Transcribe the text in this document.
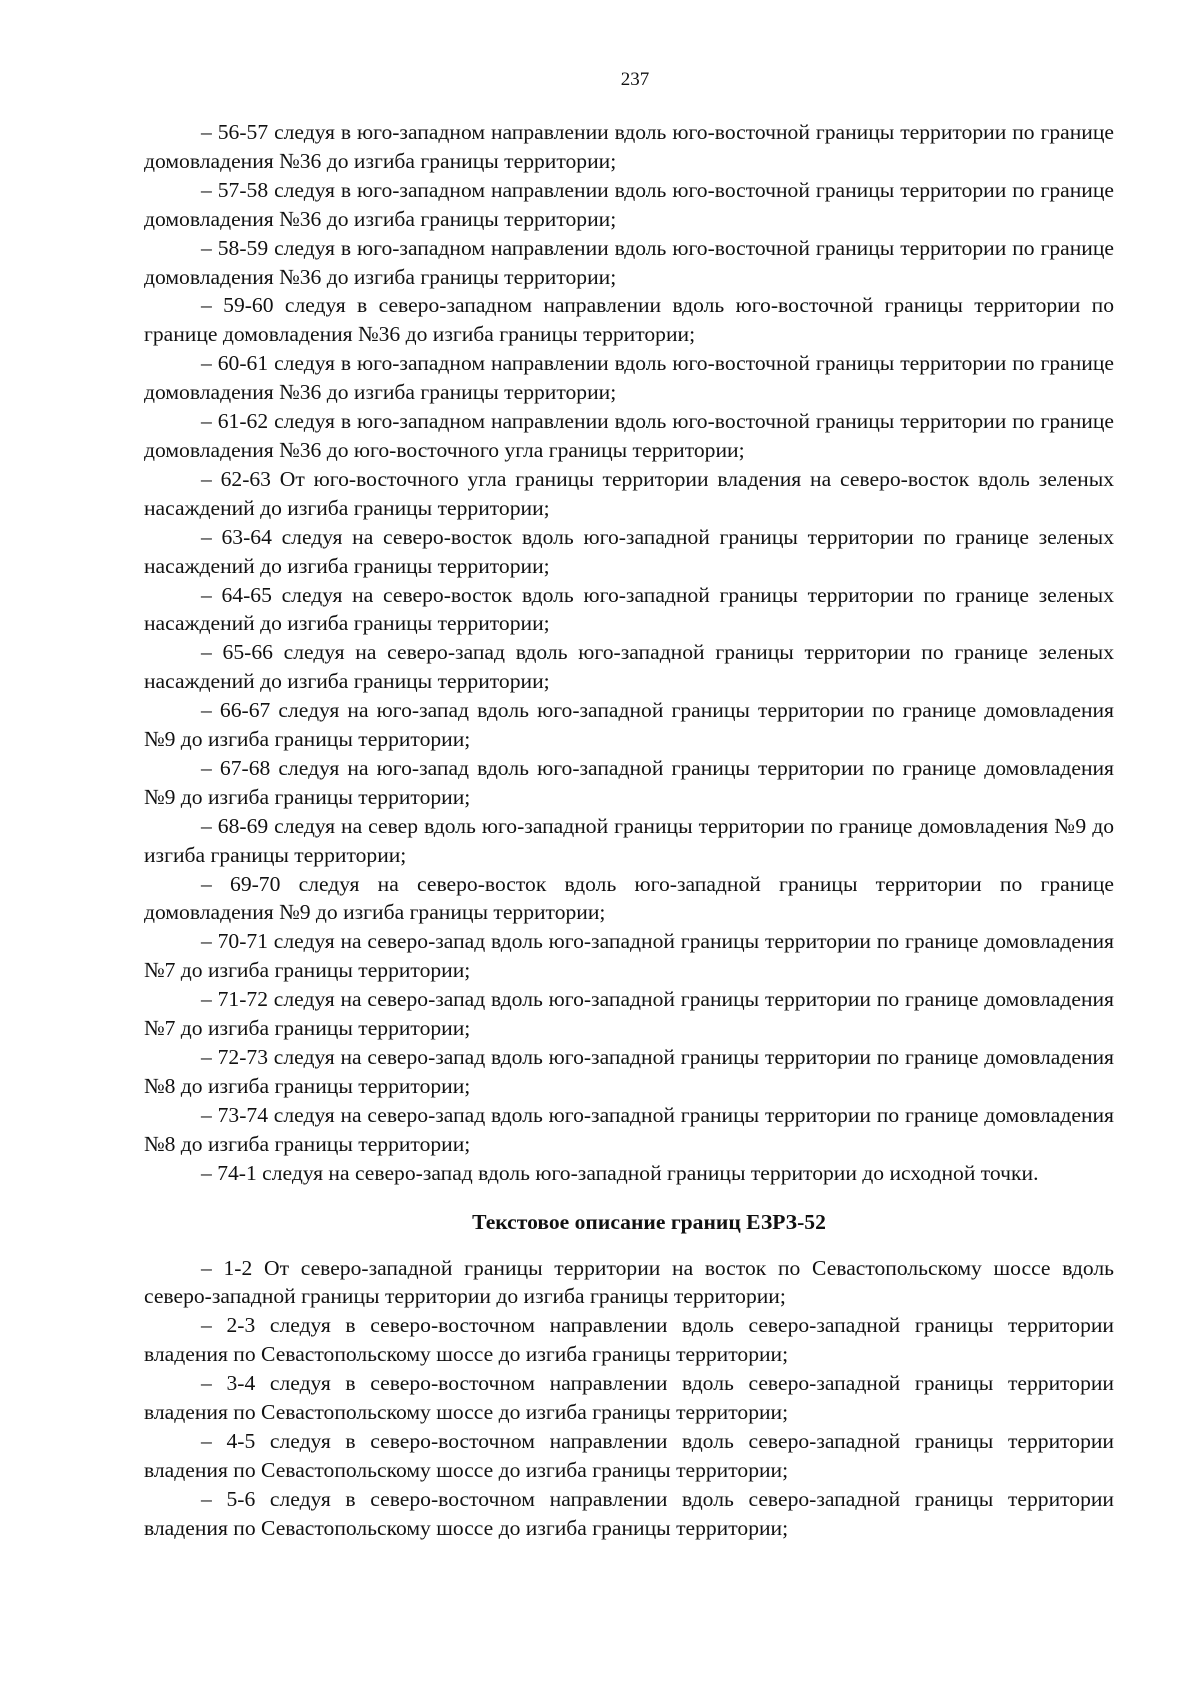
237

– 56-57 следуя в юго-западном направлении вдоль юго-восточной границы территории по границе домовладения №36 до изгиба границы территории;

– 57-58 следуя в юго-западном направлении вдоль юго-восточной границы территории по границе домовладения №36 до изгиба границы территории;

– 58-59 следуя в юго-западном направлении вдоль юго-восточной границы территории по границе домовладения №36 до изгиба границы территории;

– 59-60 следуя в северо-западном направлении вдоль юго-восточной границы территории по границе домовладения №36 до изгиба границы территории;

– 60-61 следуя в юго-западном направлении вдоль юго-восточной границы территории по границе домовладения №36 до изгиба границы территории;

– 61-62 следуя в юго-западном направлении вдоль юго-восточной границы территории по границе домовладения №36 до юго-восточного угла границы территории;

– 62-63 От юго-восточного угла границы территории владения на северо-восток вдоль зеленых насаждений до изгиба границы территории;

– 63-64 следуя на северо-восток вдоль юго-западной границы территории по границе зеленых насаждений до изгиба границы территории;

– 64-65 следуя на северо-восток вдоль юго-западной границы территории по границе зеленых насаждений до изгиба границы территории;

– 65-66 следуя на северо-запад вдоль юго-западной границы территории по границе зеленых насаждений до изгиба границы территории;

– 66-67 следуя на юго-запад вдоль юго-западной границы территории по границе домовладения №9 до изгиба границы территории;

– 67-68 следуя на юго-запад вдоль юго-западной границы территории по границе домовладения №9 до изгиба границы территории;

– 68-69 следуя на север вдоль юго-западной границы территории по границе домовладения №9 до изгиба границы территории;

– 69-70 следуя на северо-восток вдоль юго-западной границы территории по границе домовладения №9 до изгиба границы территории;

– 70-71 следуя на северо-запад вдоль юго-западной границы территории по границе домовладения №7 до изгиба границы территории;

– 71-72 следуя на северо-запад вдоль юго-западной границы территории по границе домовладения №7 до изгиба границы территории;

– 72-73 следуя на северо-запад вдоль юго-западной границы территории по границе домовладения №8 до изгиба границы территории;

– 73-74 следуя на северо-запад вдоль юго-западной границы территории по границе домовладения №8 до изгиба границы территории;

– 74-1 следуя на северо-запад вдоль юго-западной границы территории до исходной точки.

Текстовое описание границ ЕЗРЗ-52

– 1-2 От северо-западной границы территории на восток по Севастопольскому шоссе вдоль северо-западной границы территории до изгиба границы территории;

– 2-3 следуя в северо-восточном направлении вдоль северо-западной границы территории владения по Севастопольскому шоссе до изгиба границы территории;

– 3-4 следуя в северо-восточном направлении вдоль северо-западной границы территории владения по Севастопольскому шоссе до изгиба границы территории;

– 4-5 следуя в северо-восточном направлении вдоль северо-западной границы территории владения по Севастопольскому шоссе до изгиба границы территории;

– 5-6 следуя в северо-восточном направлении вдоль северо-западной границы территории владения по Севастопольскому шоссе до изгиба границы территории;
